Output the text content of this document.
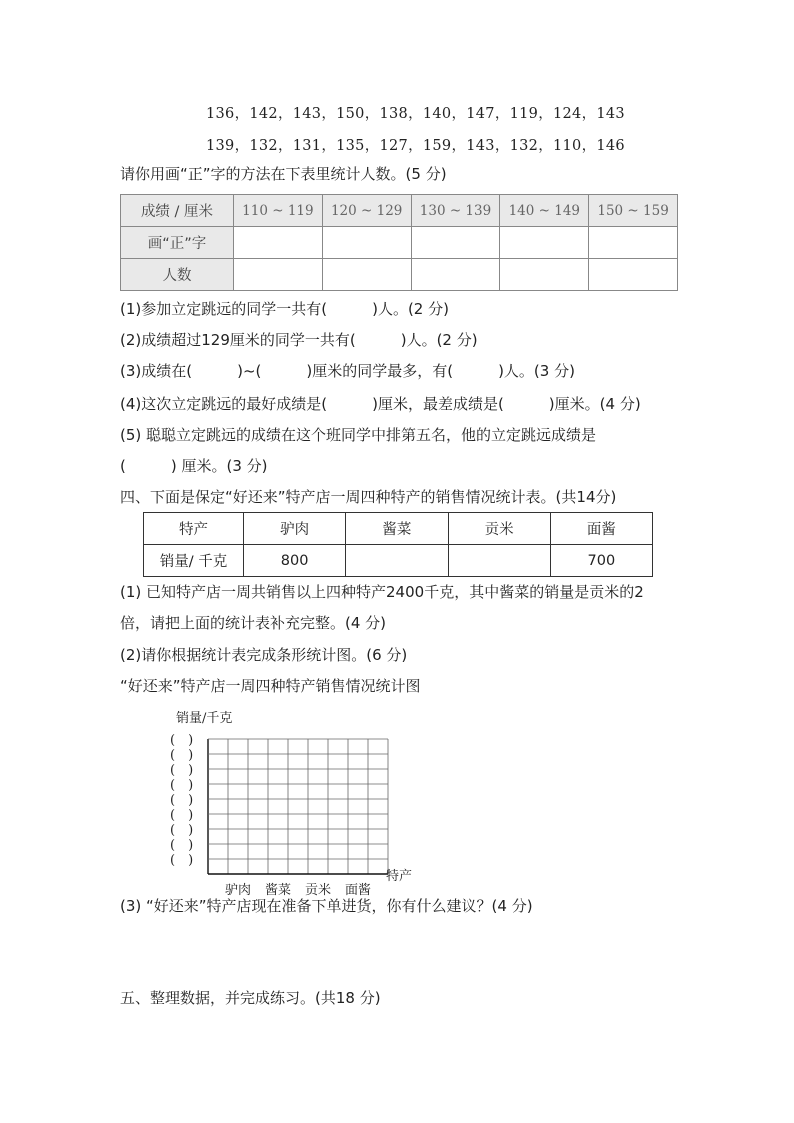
136，142，143，150，138，140，147，119，124，143
139，132，131，135，127，159，143，132，110，146
请你用画“正”字的方法在下表里统计人数。(5 分)
成绩 / 厘米	110 ~ 119	120 ~ 129	130 ~ 139	140 ~ 149	150 ~ 159
画“正”字					
人数					
(1)参加立定跳远的同学一共有(　　　)人。(2 分)
(2)成绩超过129厘米的同学一共有(　　　)人。(2 分)
(3)成绩在(　　　)~(　　　)厘米的同学最多，有(　　　)人。(3 分)
(4)这次立定跳远的最好成绩是(　　　)厘米，最差成绩是(　　　)厘米。(4 分)
(5) 聪聪立定跳远的成绩在这个班同学中排第五名，他的立定跳远成绩是
(　　　) 厘米。(3 分)
四、下面是保定“好还来”特产店一周四种特产的销售情况统计表。(共14分)
特产	驴肉	酱菜	贡米	面酱
销量/ 千克	800			700
(1) 已知特产店一周共销售以上四种特产2400千克，其中酱菜的销量是贡米的2
倍，请把上面的统计表补充完整。(4 分)
(2)请你根据统计表完成条形统计图。(6 分)
“好还来”特产店一周四种特产销售情况统计图
销量/千克
(　)
(　)
(　)
(　)
(　)
(　)
(　)
(　)
(　)
驴肉 酱菜 贡米 面酱
特产
(3) “好还来”特产店现在准备下单进货，你有什么建议？(4 分)
五、整理数据，并完成练习。(共18 分)
